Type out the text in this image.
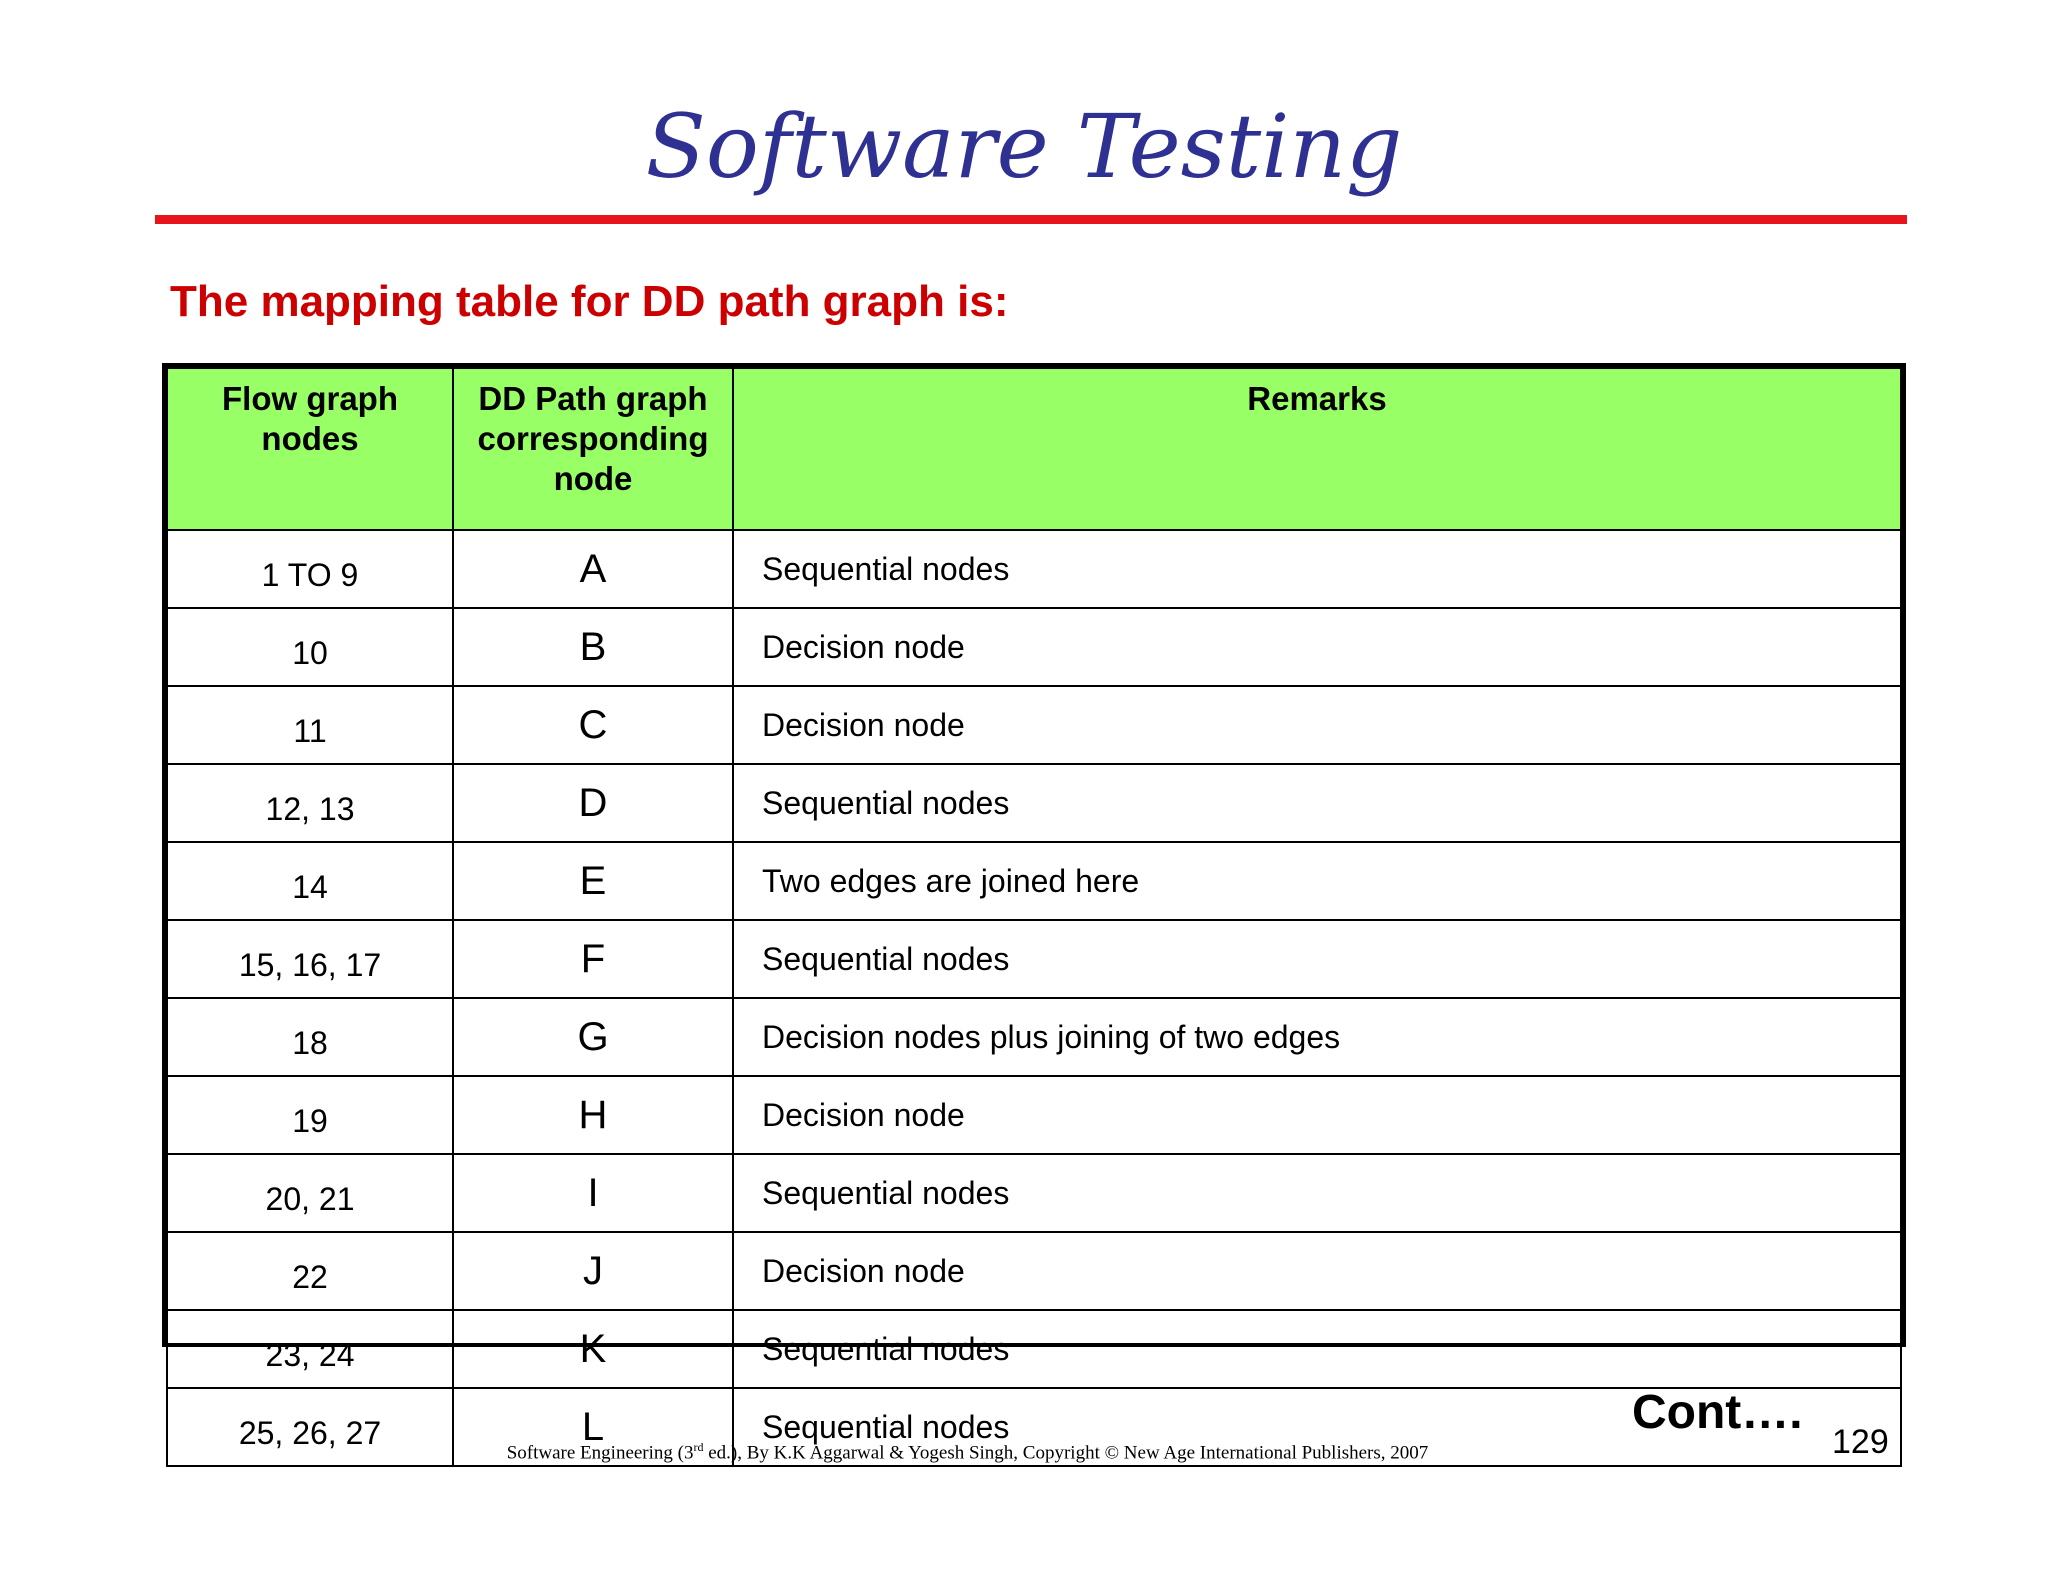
Software Testing
The mapping table for DD path graph is:
Flow graph nodes	DD Path graph corresponding node	Remarks
1 TO 9	A	Sequential nodes
10	B	Decision node
11	C	Decision node
12, 13	D	Sequential nodes
14	E	Two edges are joined here
15, 16, 17	F	Sequential nodes
18	G	Decision nodes plus joining of two edges
19	H	Decision node
20, 21	I	Sequential nodes
22	J	Decision node
23, 24	K	Sequential nodes
25, 26, 27	L	Sequential nodes	Cont….
Software Engineering (3rd ed.), By K.K Aggarwal & Yogesh Singh, Copyright © New Age International Publishers, 2007	129
